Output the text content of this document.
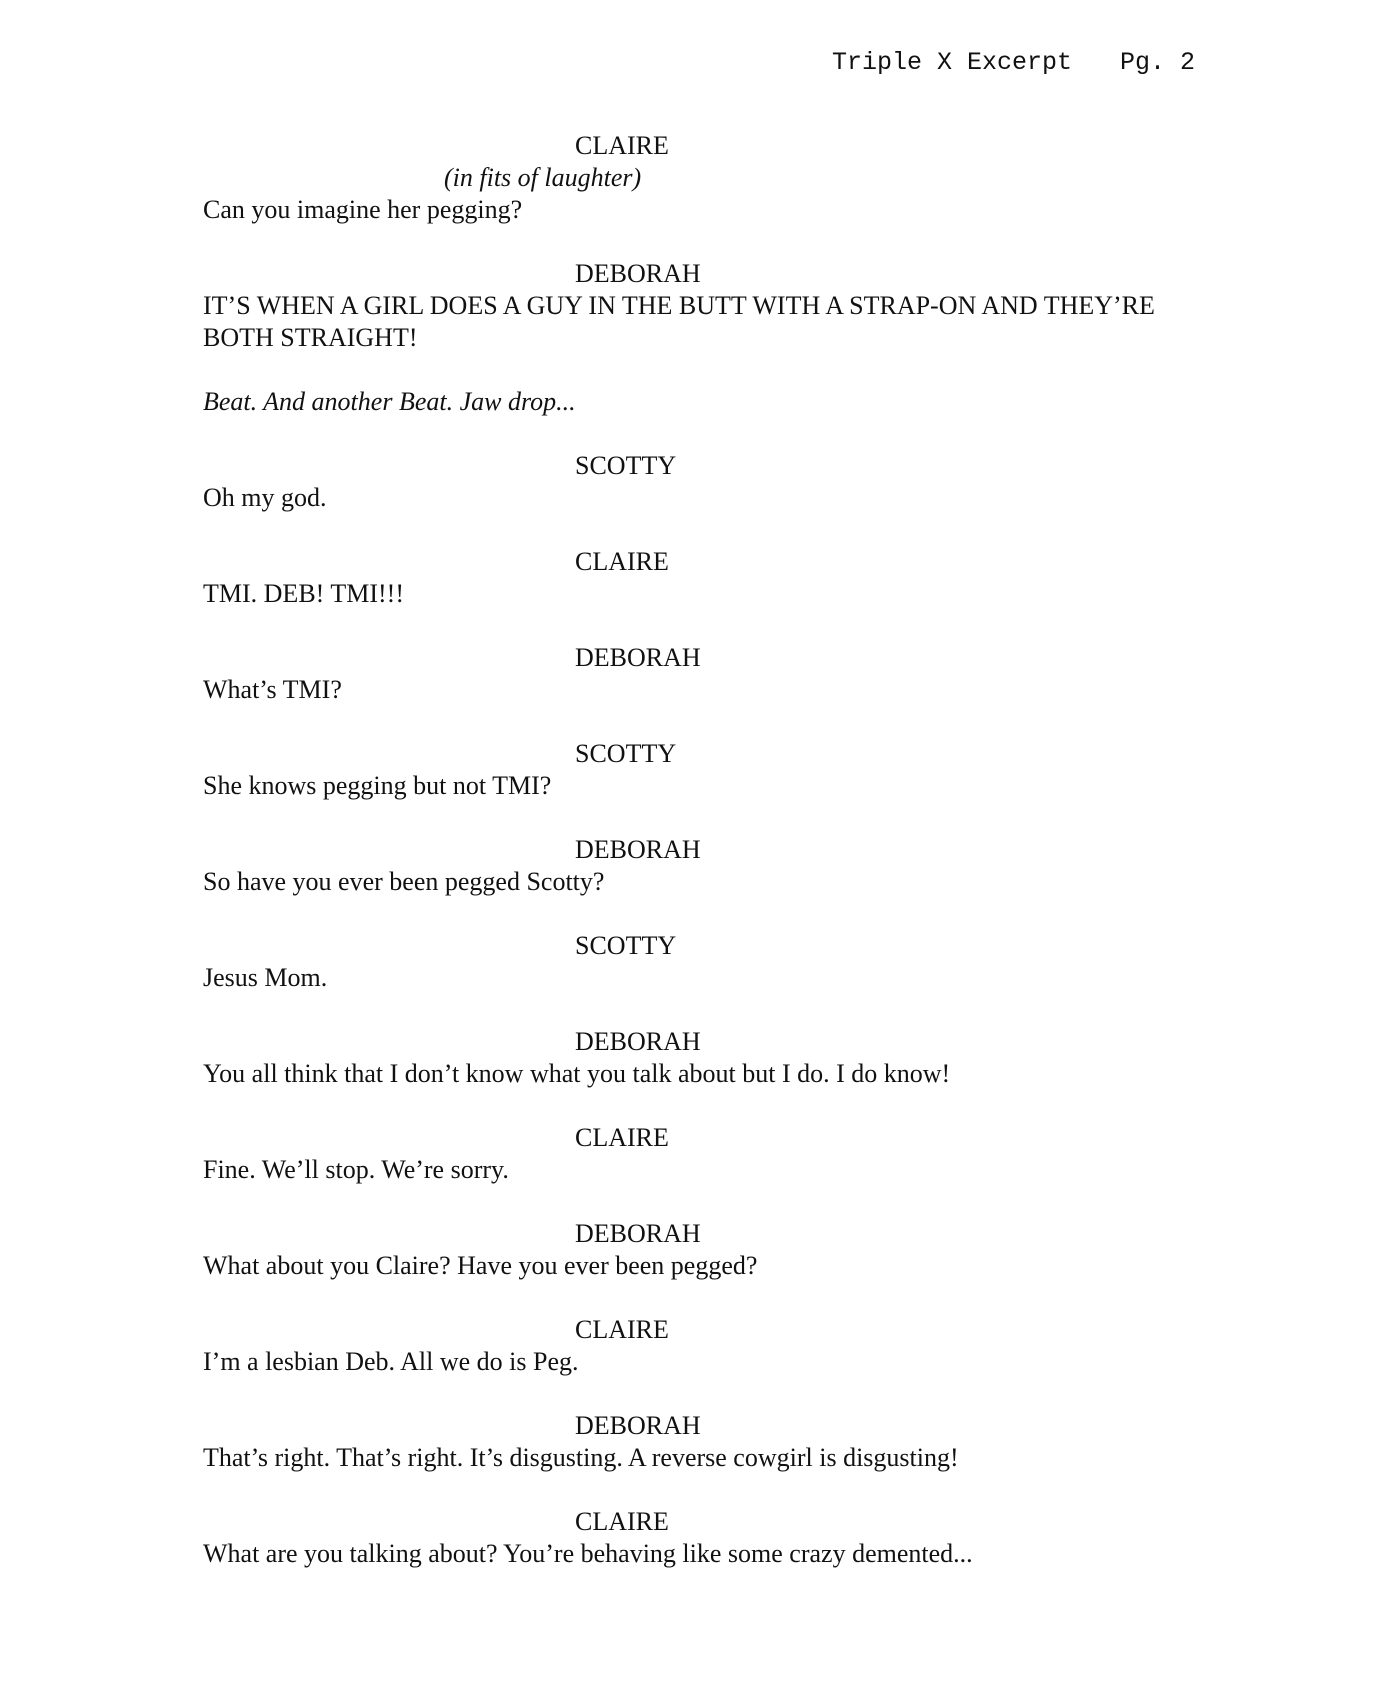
Triple X Excerpt Pg. 2
CLAIRE
(in fits of laughter)
Can you imagine her pegging?
DEBORAH
IT’S WHEN A GIRL DOES A GUY IN THE BUTT WITH A STRAP-ON AND THEY’RE BOTH STRAIGHT!
Beat. And another Beat. Jaw drop...
SCOTTY
Oh my god.
CLAIRE
TMI. DEB! TMI!!!
DEBORAH
What’s TMI?
SCOTTY
She knows pegging but not TMI?
DEBORAH
So have you ever been pegged Scotty?
SCOTTY
Jesus Mom.
DEBORAH
You all think that I don’t know what you talk about but I do. I do know!
CLAIRE
Fine. We’ll stop. We’re sorry.
DEBORAH
What about you Claire? Have you ever been pegged?
CLAIRE
I’m a lesbian Deb. All we do is Peg.
DEBORAH
That’s right. That’s right. It’s disgusting. A reverse cowgirl is disgusting!
CLAIRE
What are you talking about? You’re behaving like some crazy demented...
